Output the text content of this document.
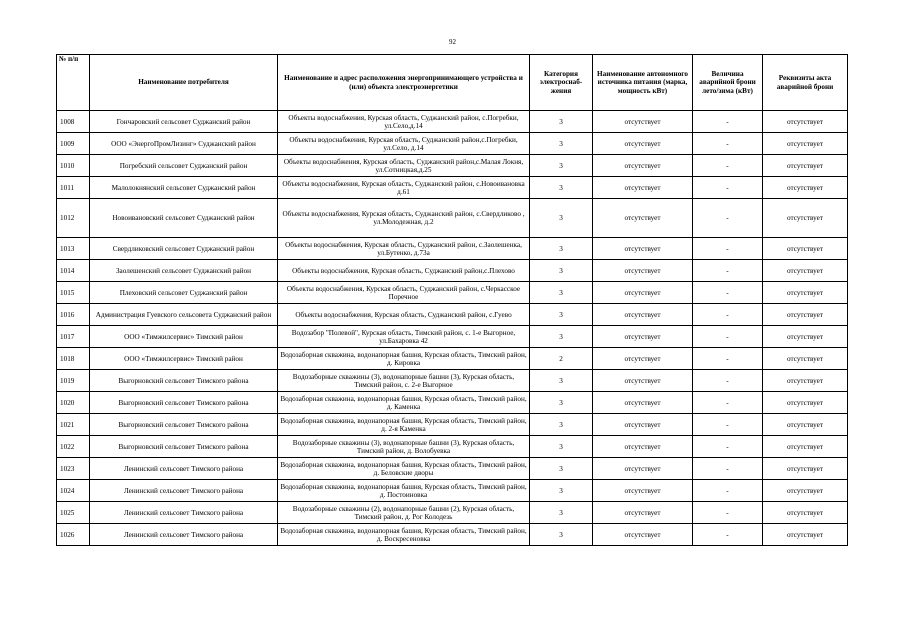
92
№ п/п	Наименование потребителя	Наименование и адрес расположения энергопринимающего устройства и (или) объекта электроэнергетики	Категория электроснаб-жения	Наименование автономного источника питания (марка, мощность кВт)	Величина аварийной брони лето/зима (кВт)	Реквизиты акта аварийной брони
1008	Гончаровский сельсовет Суджанский район	Объекты водоснабжения, Курская область, Суджанский район, с.Погребки, ул.Село,д.14	3	отсутствует	-	отсутствует
1009	ООО «ЭнергоПромЛизинг» Суджанский район	Объекты водоснабжения, Курская область, Суджанский район,с.Погребки, ул.Село, д.14	3	отсутствует	-	отсутствует
1010	Погребский сельсовет Суджанский район	Объекты водоснабжения, Курская область, Суджанский район,с.Малая Локня, ул.Сотницкая,д.25	3	отсутствует	-	отсутствует
1011	Малолокнянский сельсовет Суджанский район	Объекты водоснабжения, Курская область, Суджанский район, с.Новоивановка д.61	3	отсутствует	-	отсутствует
1012	Новоивановский сельсовет Суджанский район	Объекты водоснабжения, Курская область, Суджанский район, с.Свердликово , ул.Молодежная, д.2	3	отсутствует	-	отсутствует
1013	Свердликовский сельсовет Суджанский район	Объекты водоснабжения, Курская область, Суджанский район, с.Заолешенка, ул.Бутенко, д.73а	3	отсутствует	-	отсутствует
1014	Заолешенский сельсовет Суджанский район	Объекты водоснабжения, Курская область, Суджанский район,с.Плехово	3	отсутствует	-	отсутствует
1015	Плеховский сельсовет Суджанский район	Объекты водоснабжения, Курская область, Суджанский район, с.Черкасское Поречное	3	отсутствует	-	отсутствует
1016	Администрация Гуевского сельсовета Суджанский район	Объекты водоснабжения, Курская область, Суджанский район, с.Гуево	3	отсутствует	-	отсутствует
1017	ООО «Тимжилсервис» Тимский район	Водозабор "Полевой", Курская область, Тимский район, с. 1-е Выгорное, ул.Бахаровка 42	3	отсутствует	-	отсутствует
1018	ООО «Тимжилсервис» Тимский район	Водозаборная скважина, водонапорная башня, Курская область, Тимский район, д. Кировка	2	отсутствует	-	отсутствует
1019	Выгорновский сельсовет Тимского района	Водозаборные скважины (3), водонапорные башни (3), Курская область, Тимский район, с. 2-е Выгорное	3	отсутствует	-	отсутствует
1020	Выгорновский сельсовет Тимского района	Водозаборная скважина, водонапорная башня, Курская область, Тимский район, д. Каменка	3	отсутствует	-	отсутствует
1021	Выгорновский сельсовет Тимского района	Водозаборная скважина, водонапорная башня, Курская область, Тимский район, д. 2-я Каменка	3	отсутствует	-	отсутствует
1022	Выгорновский сельсовет Тимского района	Водозаборные скважины (3), водонапорные башни (3), Курская область, Тимский район, д. Волобуевка	3	отсутствует	-	отсутствует
1023	Ленинский сельсовет Тимского района	Водозаборная скважина, водонапорная башня, Курская область, Тимский район, д. Беловские дворы	3	отсутствует	-	отсутствует
1024	Ленинский сельсовет Тимского района	Водозаборная скважина, водонапорная башня, Курская область, Тимский район, д. Постоиновка	3	отсутствует	-	отсутствует
1025	Ленинский сельсовет Тимского района	Водозаборные скважины (2), водонапорные башни (2), Курская область, Тимский район, д. Рог Колодезь	3	отсутствует	-	отсутствует
1026	Ленинский сельсовет Тимского района	Водозаборная скважина, водонапорная башня, Курская область, Тимский район, д. Воскресеновка	3	отсутствует	-	отсутствует
